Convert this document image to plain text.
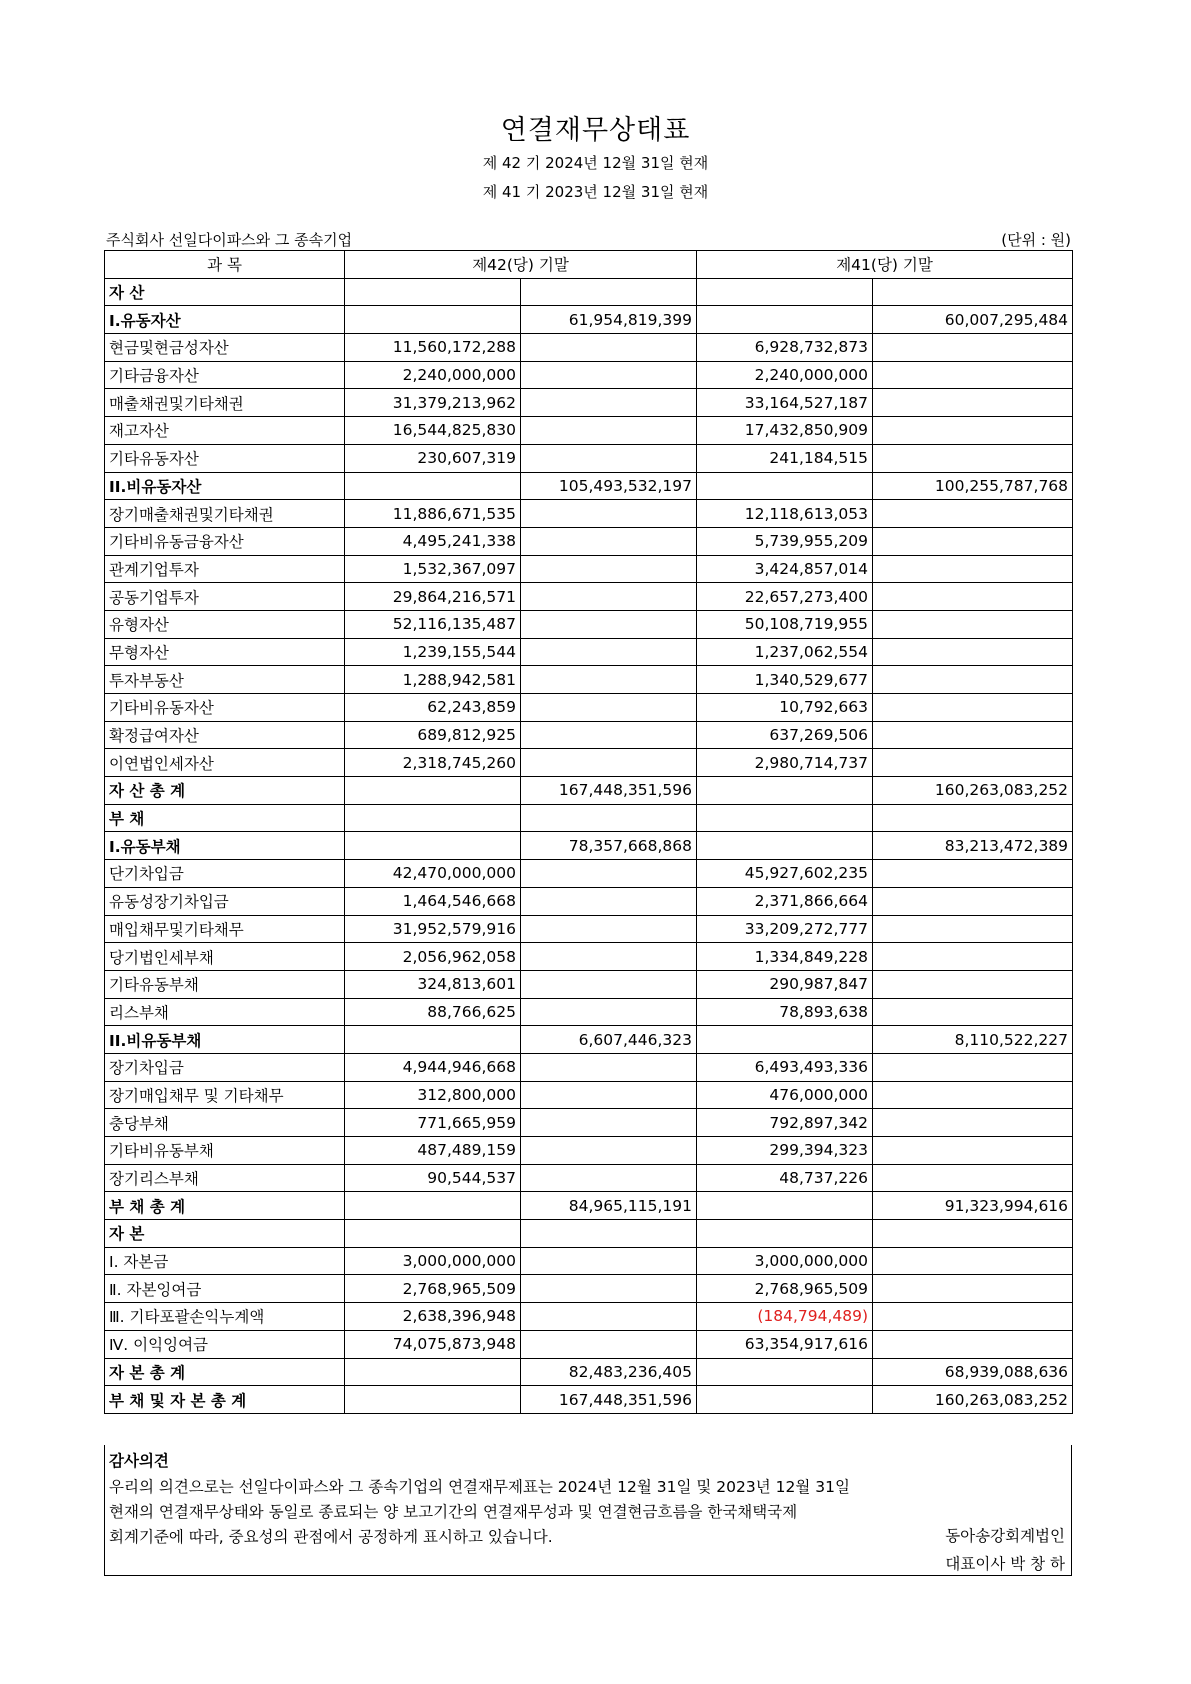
연결재무상태표
제 42 기 2024년 12월 31일 현재
제 41 기 2023년 12월 31일 현재
주식회사 선일다이파스와 그 종속기업	(단위 : 원)
과 목	제42(당) 기말		제41(당) 기말	
자 산				
I.유동자산		61,954,819,399		60,007,295,484
현금및현금성자산	11,560,172,288		6,928,732,873	
기타금융자산	2,240,000,000		2,240,000,000	
매출채권및기타채권	31,379,213,962		33,164,527,187	
재고자산	16,544,825,830		17,432,850,909	
기타유동자산	230,607,319		241,184,515	
II.비유동자산		105,493,532,197		100,255,787,768
장기매출채권및기타채권	11,886,671,535		12,118,613,053	
기타비유동금융자산	4,495,241,338		5,739,955,209	
관계기업투자	1,532,367,097		3,424,857,014	
공동기업투자	29,864,216,571		22,657,273,400	
유형자산	52,116,135,487		50,108,719,955	
무형자산	1,239,155,544		1,237,062,554	
투자부동산	1,288,942,581		1,340,529,677	
기타비유동자산	62,243,859		10,792,663	
확정급여자산	689,812,925		637,269,506	
이연법인세자산	2,318,745,260		2,980,714,737	
자 산 총 계		167,448,351,596		160,263,083,252
부 채				
I.유동부채		78,357,668,868		83,213,472,389
단기차입금	42,470,000,000		45,927,602,235	
유동성장기차입금	1,464,546,668		2,371,866,664	
매입채무및기타채무	31,952,579,916		33,209,272,777	
당기법인세부채	2,056,962,058		1,334,849,228	
기타유동부채	324,813,601		290,987,847	
리스부채	88,766,625		78,893,638	
II.비유동부채		6,607,446,323		8,110,522,227
장기차입금	4,944,946,668		6,493,493,336	
장기매입채무 및 기타채무	312,800,000		476,000,000	
충당부채	771,665,959		792,897,342	
기타비유동부채	487,489,159		299,394,323	
장기리스부채	90,544,537		48,737,226	
부 채 총 계		84,965,115,191		91,323,994,616
자 본				
Ⅰ. 자본금	3,000,000,000		3,000,000,000	
Ⅱ. 자본잉여금	2,768,965,509		2,768,965,509	
Ⅲ. 기타포괄손익누계액	2,638,396,948		(184,794,489)	
Ⅳ. 이익잉여금	74,075,873,948		63,354,917,616	
자 본 총 계		82,483,236,405		68,939,088,636
부 채 및 자 본 총 계		167,448,351,596		160,263,083,252
감사의견
우리의 의견으로는 선일다이파스와 그 종속기업의 연결재무제표는 2024년 12월 31일 및 2023년 12월 31일
현재의 연결재무상태와 동일로 종료되는 양 보고기간의 연결재무성과 및 연결현금흐름을 한국채택국제
회계기준에 따라, 중요성의 관점에서 공정하게 표시하고 있습니다.	동아송강회계법인
대표이사 박 창 하
